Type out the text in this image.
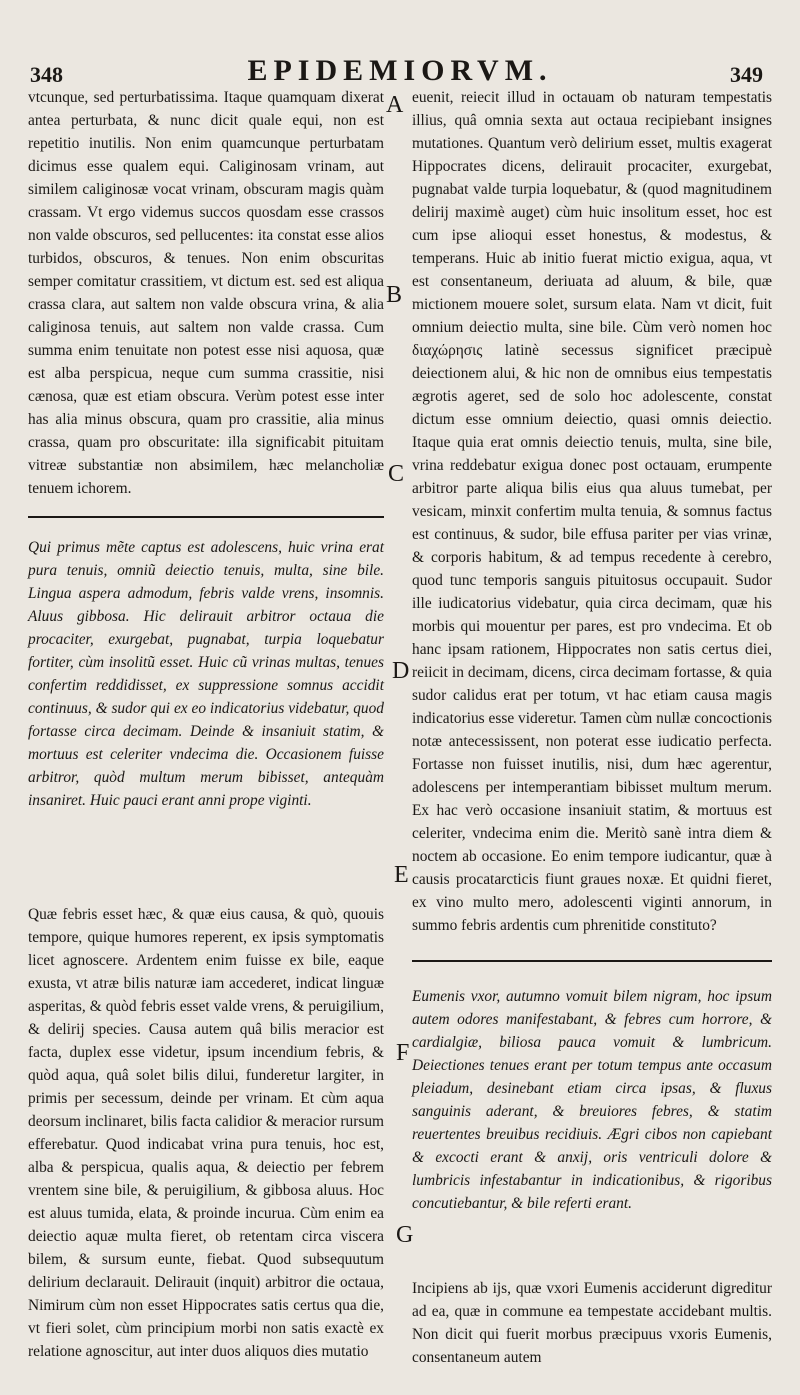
348	EPIDEMIORVM.	349

vtcunque, sed perturbatissima. Itaque quamquam dixerat antea perturbata, & nunc dicit quale equi, non est repetitio inutilis. Non enim quamcunque perturbatam dicimus esse qualem equi. Caliginosam vrinam, aut similem caliginosæ vocat vrinam, obscuram magis quàm crassam. Vt ergo videmus succos quosdam esse crassos non valde obscuros, sed pellucentes: ita constat esse alios turbidos, obscuros, & tenues. Non enim obscuritas semper comitatur crassitiem, vt dictum est. sed est aliqua crassa clara, aut saltem non valde obscura vrina, & alia caliginosa tenuis, aut saltem non valde crassa. Cum summa enim tenuitate non potest esse nisi aquosa, quæ est alba perspicua, neque cum summa crassitie, nisi cænosa, quæ est etiam obscura. Verùm potest esse inter has alia minus obscura, quam pro crassitie, alia minus crassa, quam pro obscuritate: illa significabit pituitam vitreæ substantiæ non absimilem, hæc melancholiæ tenuem ichorem.

Qui primus mẽte captus est adolescens, huic vrina erat pura tenuis, omniũ deiectio tenuis, multa, sine bile. Lingua aspera admodum, febris valde vrens, insomnis. Aluus gibbosa. Hic delirauit arbitror octaua die procaciter, exurgebat, pugnabat, turpia loquebatur fortiter, cùm insolitũ esset. Huic cũ vrinas multas, tenues confertim reddidisset, ex suppressione somnus accidit continuus, & sudor qui ex eo indicatorius videbatur, quod fortasse circa decimam. Deinde & insaniuit statim, & mortuus est celeriter vndecima die. Occasionem fuisse arbitror, quòd multum merum bibisset, antequàm insaniret. Huic pauci erant anni prope viginti.

Quæ febris esset hæc, & quæ eius causa, & quò, quouis tempore, quique humores reperent, ex ipsis symptomatis licet agnoscere. Ardentem enim fuisse ex bile, eaque exusta, vt atræ bilis naturæ iam accederet, indicat linguæ asperitas, & quòd febris esset valde vrens, & peruigilium, & delirij species. Causa autem quâ bilis meracior est facta, duplex esse videtur, ipsum incendium febris, & quòd aqua, quâ solet bilis dilui, funderetur largiter, in primis per secessum, deinde per vrinam. Et cùm aqua deorsum inclinaret, bilis facta calidior & meracior rursum efferebatur. Quod indicabat vrina pura tenuis, hoc est, alba & perspicua, qualis aqua, & deiectio per febrem vrentem sine bile, & peruigilium, & gibbosa aluus. Hoc est aluus tumida, elata, & proinde incurua. Cùm enim ea deiectio aquæ multa fieret, ob retentam circa viscera bilem, & sursum eunte, fiebat. Quod subsequutum delirium declarauit. Delirauit (inquit) arbitror die octaua, Nimirum cùm non esset Hippocrates satis certus qua die, vt fieri solet, cùm principium morbi non satis exactè ex relatione agnoscitur, aut inter duos aliquos dies mutatio

A
B
C
D
E
F
G

euenit, reiecit illud in octauam ob naturam tempestatis illius, quâ omnia sexta aut octaua recipiebant insignes mutationes. Quantum verò delirium esset, multis exagerat Hippocrates dicens, delirauit procaciter, exurgebat, pugnabat valde turpia loquebatur, & (quod magnitudinem delirij maximè auget) cùm huic insolitum esset, hoc est cum ipse alioqui esset honestus, & modestus, & temperans. Huic ab initio fuerat mictio exigua, aqua, vt est consentaneum, deriuata ad aluum, & bile, quæ mictionem mouere solet, sursum elata. Nam vt dicit, fuit omnium deiectio multa, sine bile. Cùm verò nomen hoc διαχώρησις latinè secessus significet præcipuè deiectionem alui, & hic non de omnibus eius tempestatis ægrotis ageret, sed de solo hoc adolescente, constat dictum esse omnium deiectio, quasi omnis deiectio. Itaque quia erat omnis deiectio tenuis, multa, sine bile, vrina reddebatur exigua donec post octauam, erumpente arbitror parte aliqua bilis eius qua aluus tumebat, per vesicam, minxit confertim multa tenuia, & somnus factus est continuus, & sudor, bile effusa pariter per vias vrinæ, & corporis habitum, & ad tempus recedente à cerebro, quod tunc temporis sanguis pituitosus occupauit. Sudor ille iudicatorius videbatur, quia circa decimam, quæ his morbis qui mouentur per pares, est pro vndecima. Et ob hanc ipsam rationem, Hippocrates non satis certus diei, reiicit in decimam, dicens, circa decimam fortasse, & quia sudor calidus erat per totum, vt hac etiam causa magis indicatorius esse videretur. Tamen cùm nullæ concoctionis notæ antecessissent, non poterat esse iudicatio perfecta. Fortasse non fuisset inutilis, nisi, dum hæc agerentur, adolescens per intemperantiam bibisset multum merum. Ex hac verò occasione insaniuit statim, & mortuus est celeriter, vndecima enim die. Meritò sanè intra diem & noctem ab occasione. Eo enim tempore iudicantur, quæ à causis procatarcticis fiunt graues noxæ. Et quidni fieret, ex vino multo mero, adolescenti viginti annorum, in summo febris ardentis cum phrenitide constituto?

Eumenis vxor, autumno vomuit bilem nigram, hoc ipsum autem odores manifestabant, & febres cum horrore, & cardialgiæ, biliosa pauca vomuit & lumbricum. Deiectiones tenues erant per totum tempus ante occasum pleiadum, desinebant etiam circa ipsas, & fluxus sanguinis aderant, & breuiores febres, & statim reuertentes breuibus recidiuis. Ægri cibos non capiebant & excocti erant & anxij, oris ventriculi dolore & lumbricis infestabantur in indicationibus, & rigoribus concutiebantur, & bile referti erant.

Incipiens ab ijs, quæ vxori Eumenis acciderunt digreditur ad ea, quæ in commune ea tempestate accidebant multis. Non dicit qui fuerit morbus præcipuus vxoris Eumenis, consentaneum autem
